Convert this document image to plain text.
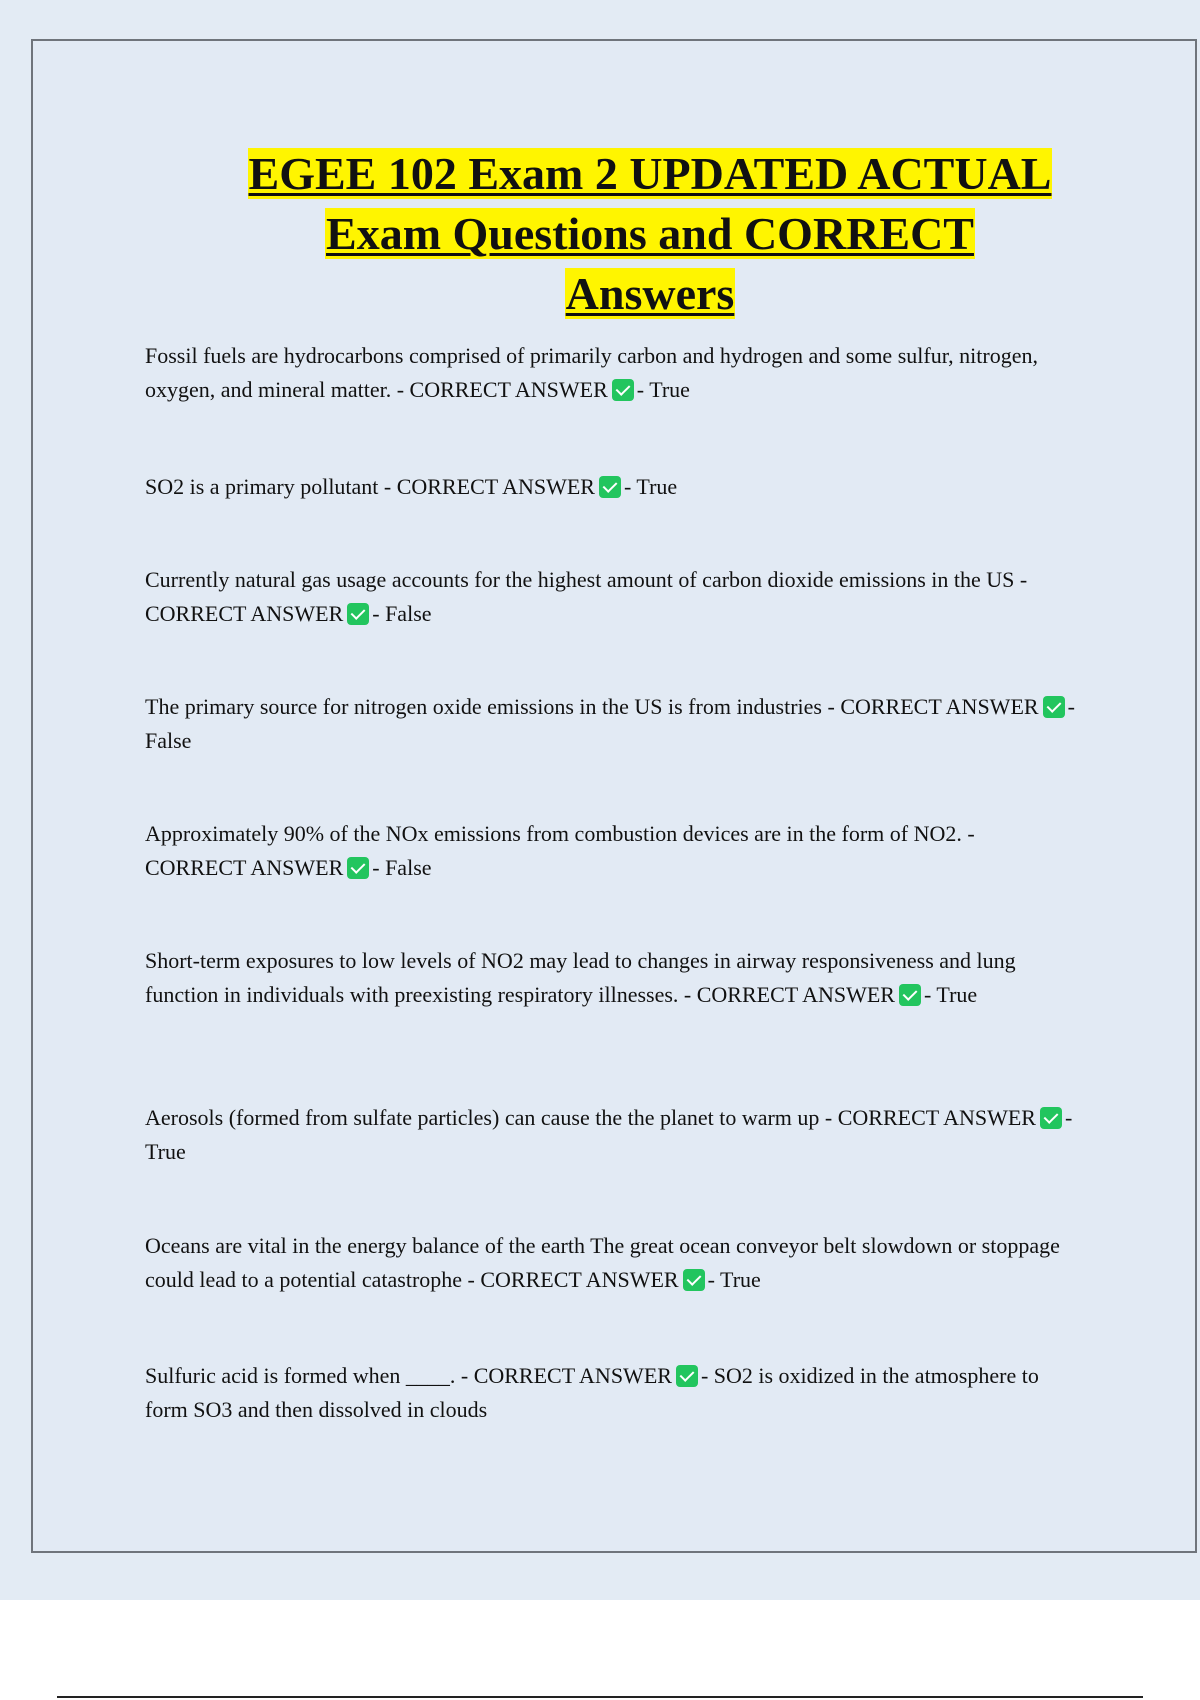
EGEE 102 Exam 2 UPDATED ACTUAL
Exam Questions and CORRECT
Answers

Fossil fuels are hydrocarbons comprised of primarily carbon and hydrogen and some sulfur, nitrogen, oxygen, and mineral matter. - CORRECT ANSWER - True

SO2 is a primary pollutant - CORRECT ANSWER - True

Currently natural gas usage accounts for the highest amount of carbon dioxide emissions in the US - CORRECT ANSWER - False

The primary source for nitrogen oxide emissions in the US is from industries - CORRECT ANSWER - False

Approximately 90% of the NOx emissions from combustion devices are in the form of NO2. - CORRECT ANSWER - False

Short-term exposures to low levels of NO2 may lead to changes in airway responsiveness and lung function in individuals with preexisting respiratory illnesses. - CORRECT ANSWER - True

Aerosols (formed from sulfate particles) can cause the the planet to warm up - CORRECT ANSWER - True

Oceans are vital in the energy balance of the earth The great ocean conveyor belt slowdown or stoppage could lead to a potential catastrophe - CORRECT ANSWER - True

Sulfuric acid is formed when ____. - CORRECT ANSWER - SO2 is oxidized in the atmosphere to form SO3 and then dissolved in clouds
